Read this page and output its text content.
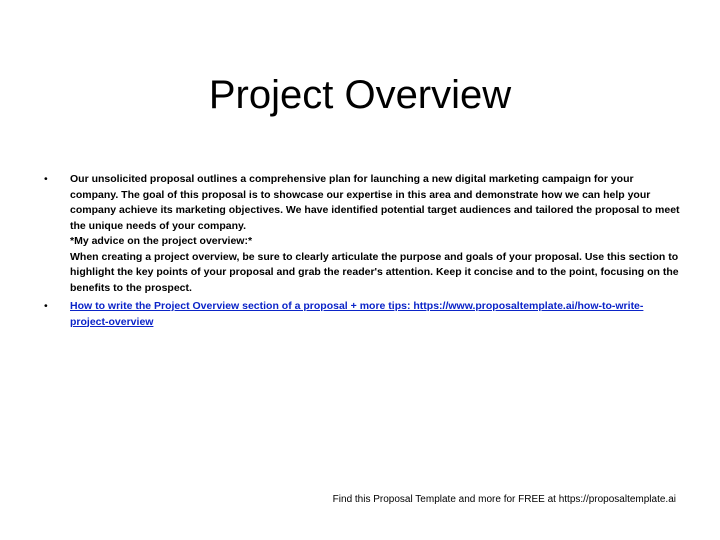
Project Overview
•	Our unsolicited proposal outlines a comprehensive plan for launching a new digital marketing campaign for your company. The goal of this proposal is to showcase our expertise in this area and demonstrate how we can help your company achieve its marketing objectives. We have identified potential target audiences and tailored the proposal to meet the unique needs of your company.
*My advice on the project overview:*
When creating a project overview, be sure to clearly articulate the purpose and goals of your proposal. Use this section to highlight the key points of your proposal and grab the reader's attention. Keep it concise and to the point, focusing on the benefits to the prospect.
•	How to write the Project Overview section of a proposal + more tips: https://www.proposaltemplate.ai/how-to-write-project-overview
Find this Proposal Template and more for FREE at https://proposaltemplate.ai
